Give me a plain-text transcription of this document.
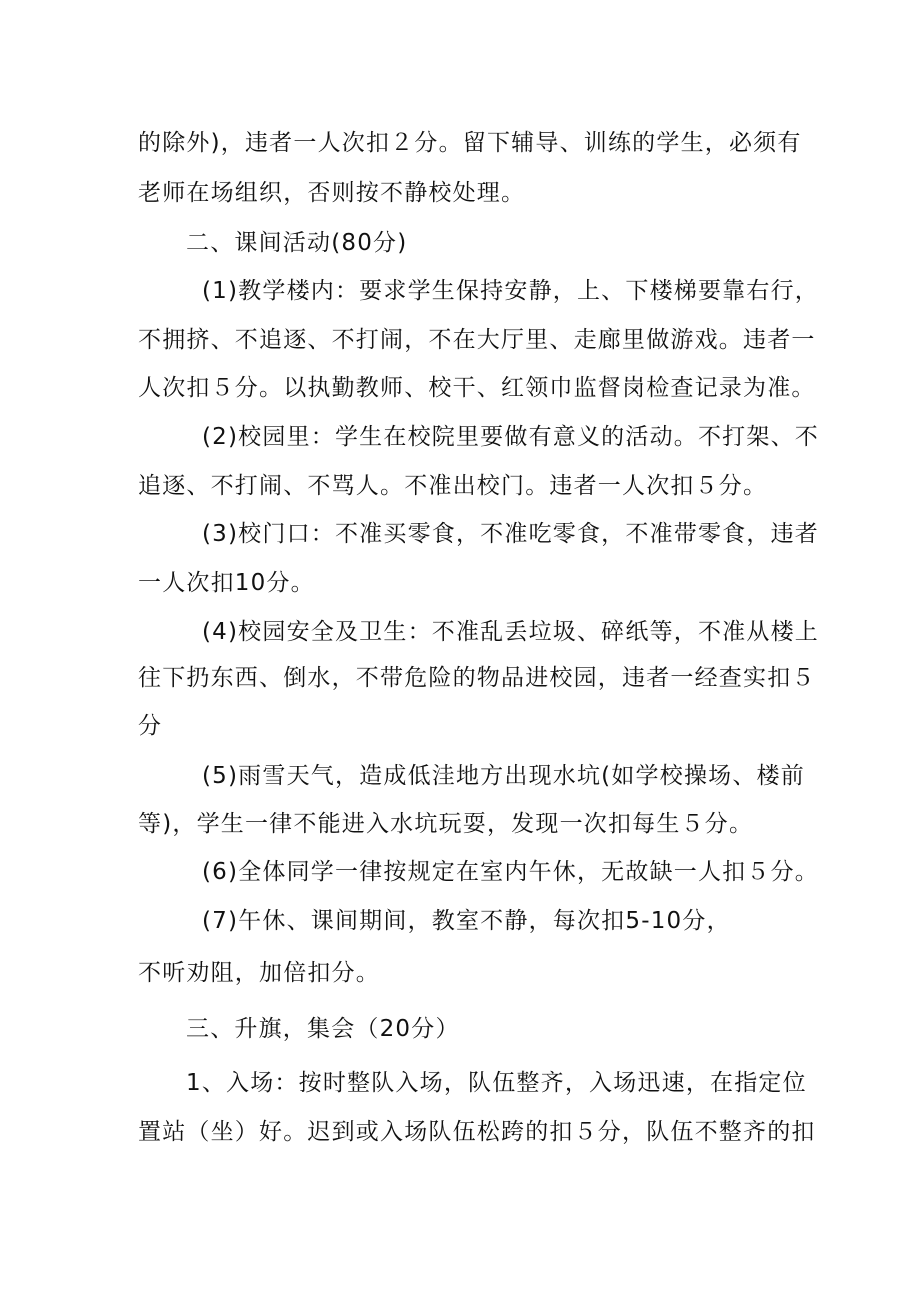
的除外)，违者一人次扣２分。留下辅导、训练的学生，必须有
老师在场组织，否则按不静校处理。
二、课间活动(80分)
(1)教学楼内：要求学生保持安静，上、下楼梯要靠右行，
不拥挤、不追逐、不打闹，不在大厅里、走廊里做游戏。违者一
人次扣５分。以执勤教师、校干、红领巾监督岗检查记录为准。
(2)校园里：学生在校院里要做有意义的活动。不打架、不
追逐、不打闹、不骂人。不准出校门。违者一人次扣５分。
(3)校门口：不准买零食，不准吃零食，不准带零食，违者
一人次扣10分。
(4)校园安全及卫生：不准乱丢垃圾、碎纸等，不准从楼上
往下扔东西、倒水，不带危险的物品进校园，违者一经查实扣５
分
(5)雨雪天气，造成低洼地方出现水坑(如学校操场、楼前
等)，学生一律不能进入水坑玩耍，发现一次扣每生５分。
(6)全体同学一律按规定在室内午休，无故缺一人扣５分。
(7)午休、课间期间，教室不静，每次扣5-10分，
不听劝阻，加倍扣分。
三、升旗，集会（20分）
1、入场：按时整队入场，队伍整齐，入场迅速，在指定位
置站（坐）好。迟到或入场队伍松跨的扣５分，队伍不整齐的扣
